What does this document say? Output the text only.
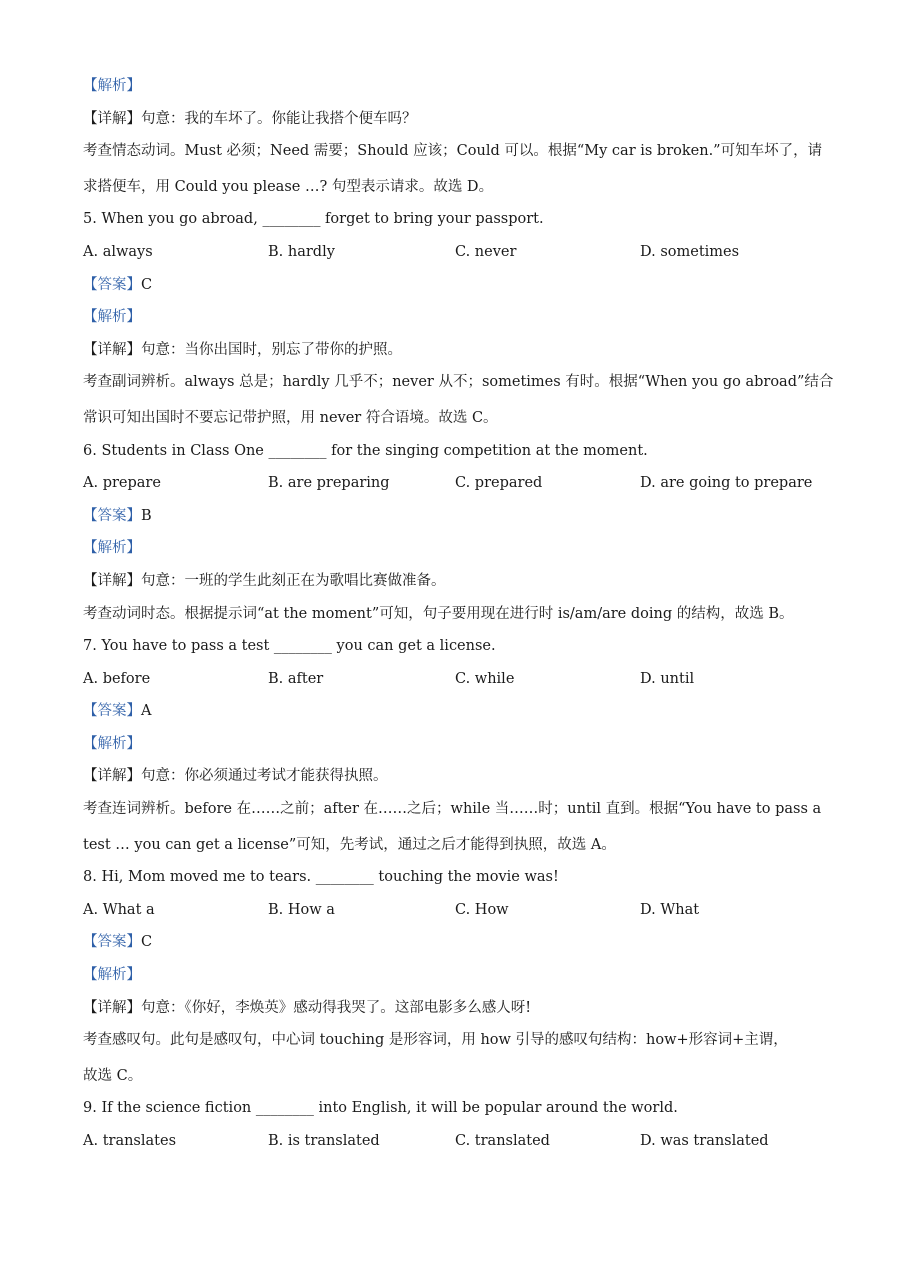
【解析】
【详解】句意：我的车坏了。你能让我搭个便车吗？
考查情态动词。Must 必须；Need 需要；Should 应该；Could 可以。根据“My car is broken.”可知车坏了，请
求搭便车，用 Could you please …? 句型表示请求。故选 D。
5. When you go abroad, ________ forget to bring your passport.
A. always	B. hardly	C. never	D. sometimes
【答案】C
【解析】
【详解】句意：当你出国时，别忘了带你的护照。
考查副词辨析。always 总是；hardly 几乎不；never 从不；sometimes 有时。根据“When you go abroad”结合
常识可知出国时不要忘记带护照，用 never 符合语境。故选 C。
6. Students in Class One ________ for the singing competition at the moment.
A. prepare	B. are preparing	C. prepared	D. are going to prepare
【答案】B
【解析】
【详解】句意：一班的学生此刻正在为歌唱比赛做准备。
考查动词时态。根据提示词“at the moment”可知，句子要用现在进行时 is/am/are doing 的结构，故选 B。
7. You have to pass a test ________ you can get a license.
A. before	B. after	C. while	D. until
【答案】A
【解析】
【详解】句意：你必须通过考试才能获得执照。
考查连词辨析。before 在……之前；after 在……之后；while 当……时；until 直到。根据“You have to pass a
test … you can get a license”可知，先考试，通过之后才能得到执照，故选 A。
8. Hi, Mom moved me to tears. ________ touching the movie was!
A. What a	B. How a	C. How	D. What
【答案】C
【解析】
【详解】句意：《你好，李焕英》感动得我哭了。这部电影多么感人呀!
考查感叹句。此句是感叹句，中心词 touching 是形容词，用 how 引导的感叹句结构：how+形容词+主谓，
故选 C。
9. If the science fiction ________ into English, it will be popular around the world.
A. translates	B. is translated	C. translated	D. was translated
